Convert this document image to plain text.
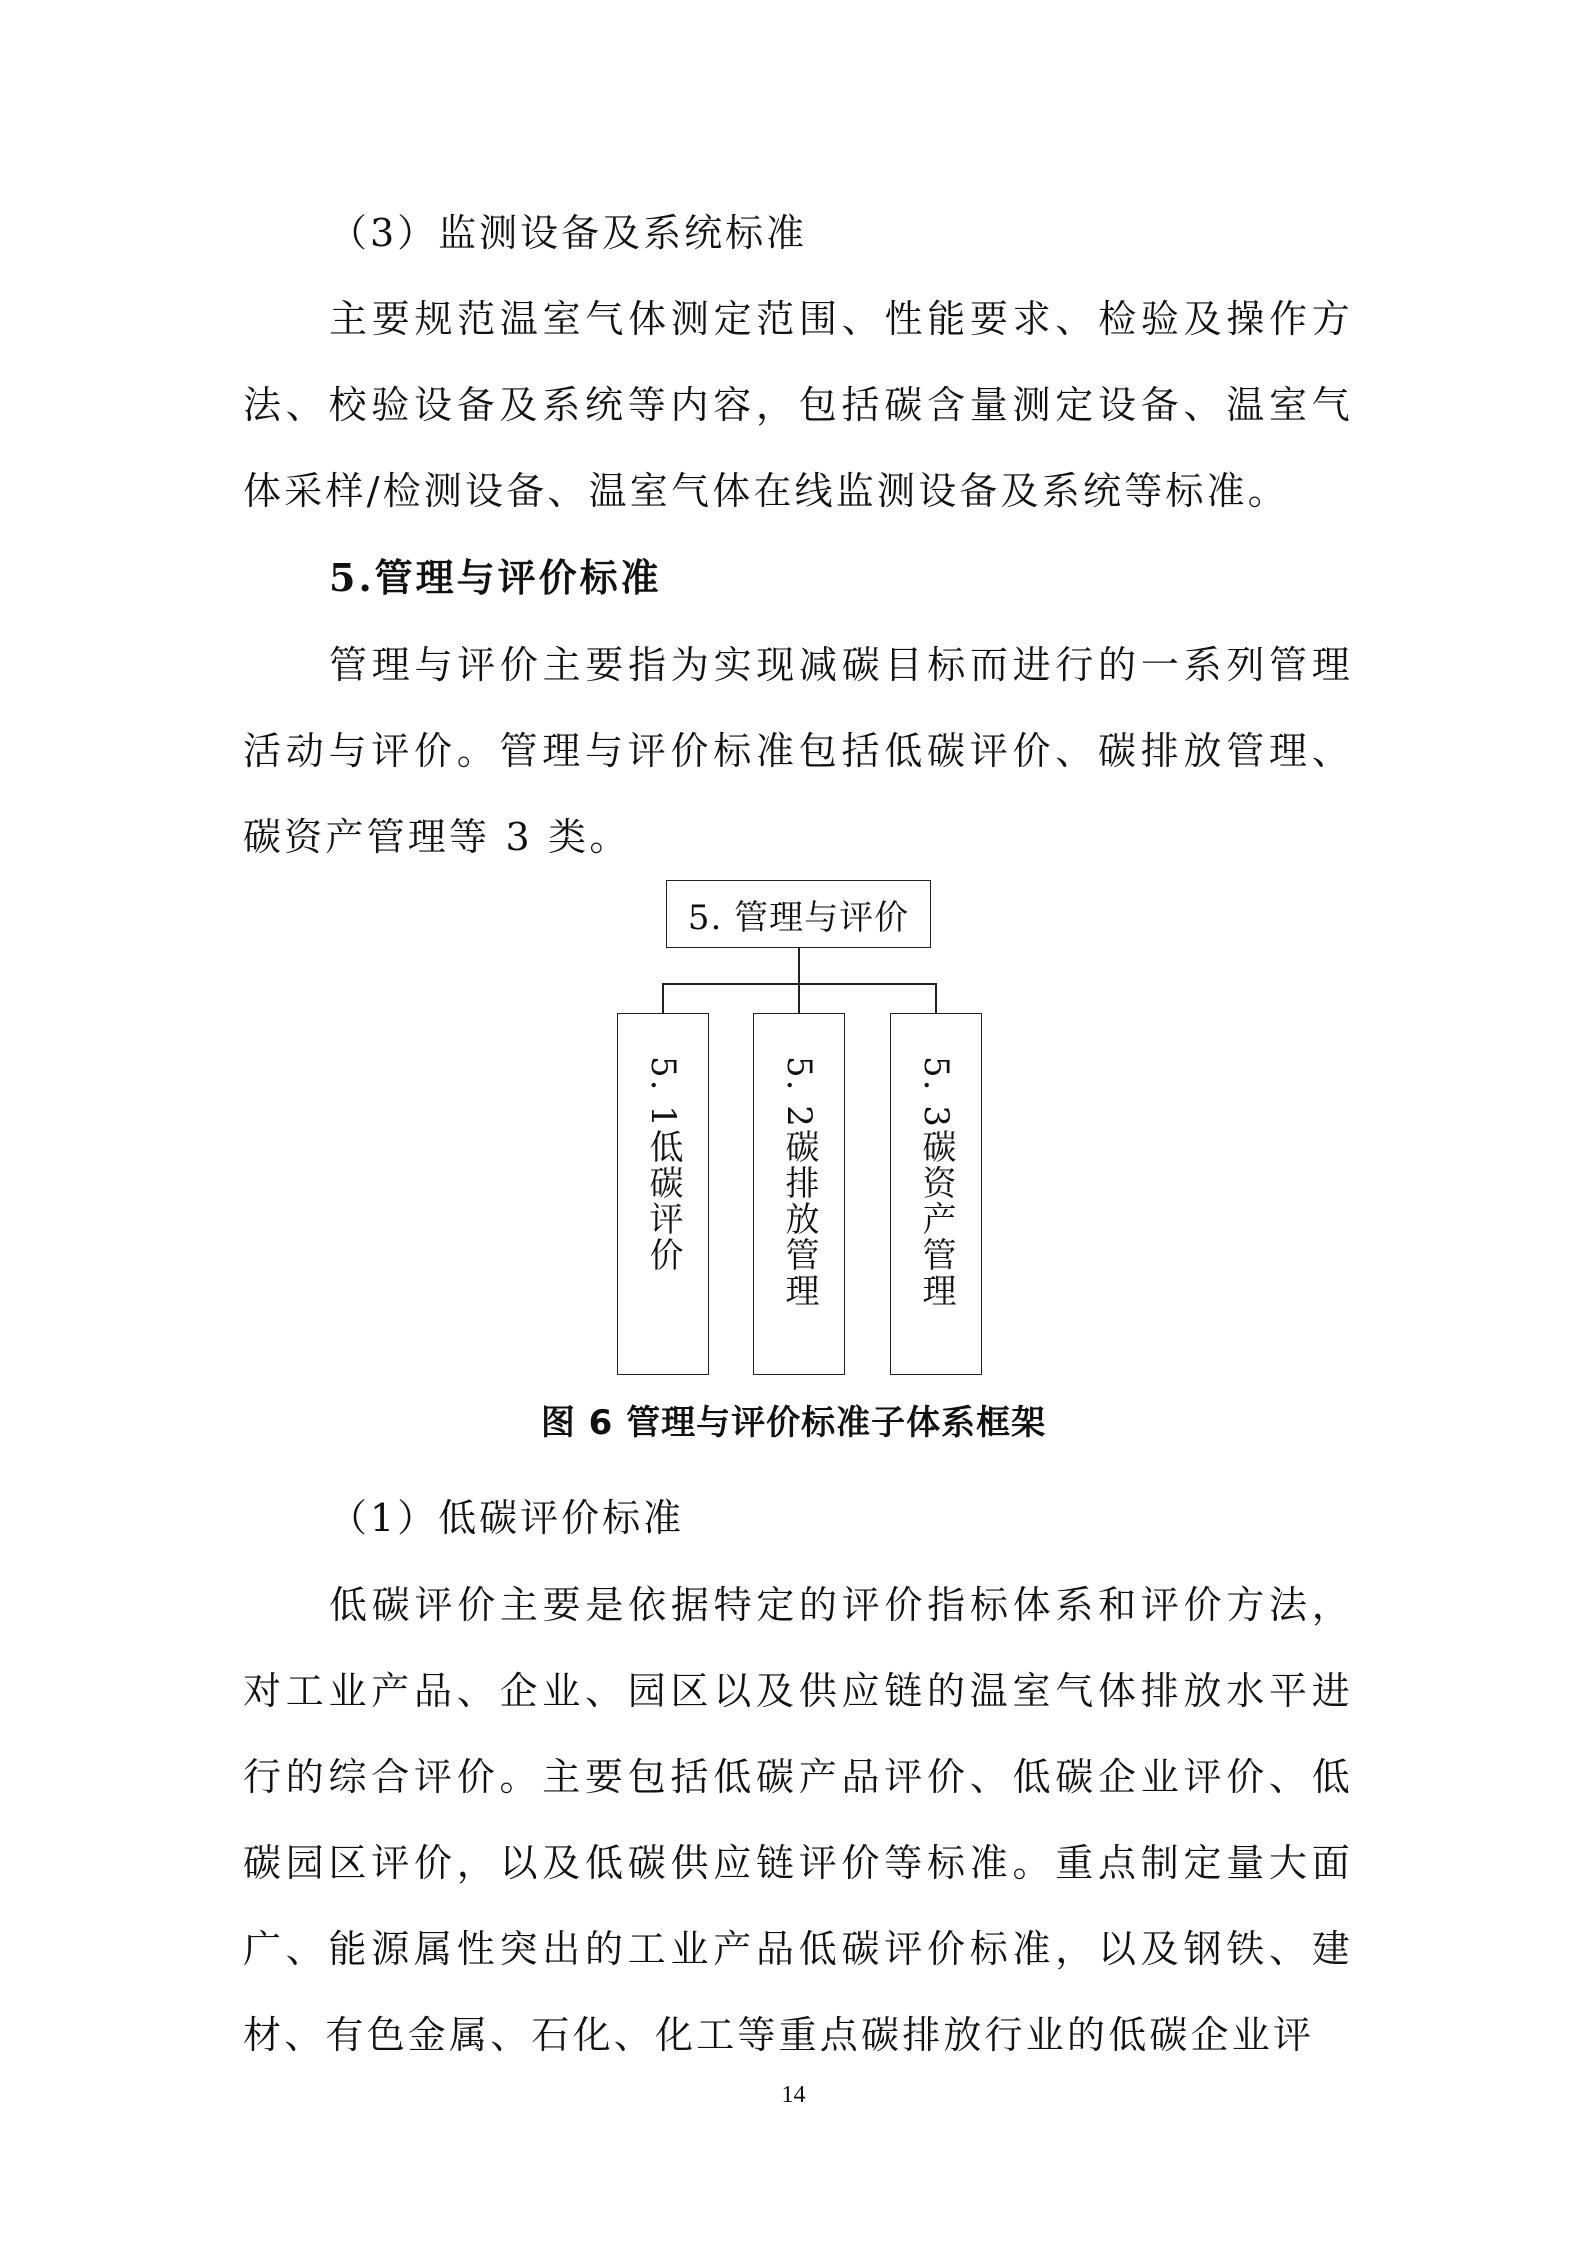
（3）监测设备及系统标准

主要规范温室气体测定范围、性能要求、检验及操作方法、校验设备及系统等内容，包括碳含量测定设备、温室气体采样/检测设备、温室气体在线监测设备及系统等标准。

5.管理与评价标准

管理与评价主要指为实现减碳目标而进行的一系列管理活动与评价。管理与评价标准包括低碳评价、碳排放管理、碳资产管理等 3 类。

5. 管理与评价
5. 1低碳评价	5. 2碳排放管理	5. 3碳资产管理
图 6 管理与评价标准子体系框架

（1）低碳评价标准

低碳评价主要是依据特定的评价指标体系和评价方法，对工业产品、企业、园区以及供应链的温室气体排放水平进行的综合评价。主要包括低碳产品评价、低碳企业评价、低碳园区评价，以及低碳供应链评价等标准。重点制定量大面广、能源属性突出的工业产品低碳评价标准，以及钢铁、建材、有色金属、石化、化工等重点碳排放行业的低碳企业评

14
